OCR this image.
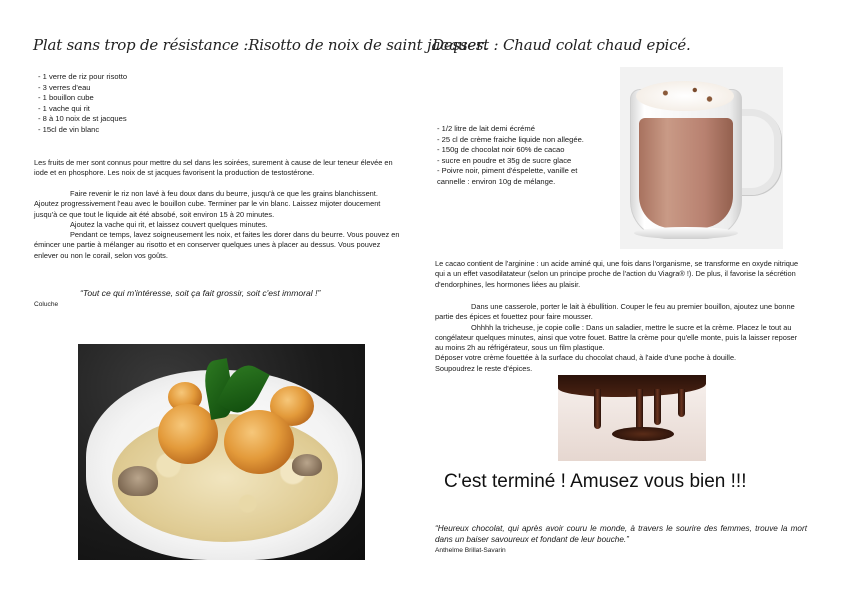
Plat sans trop de résistance :Risotto de noix de saint jacques.
- 1 verre de riz pour risotto
- 3 verres d'eau
- 1 bouillon cube
- 1 vache qui rit
- 8 à 10 noix de st jacques
- 15cl de vin blanc

Les fruits de mer sont connus pour mettre du sel dans les soirées, surement à cause de leur teneur élevée en iode et en phosphore. Les noix de st jacques favorisent la production de testostérone.

Faire revenir le riz non lavé à feu doux dans du beurre, jusqu'à ce que les grains blanchissent. Ajoutez progressivement l'eau avec le bouillon cube. Terminer par le vin blanc. Laissez mijoter doucement jusqu'à ce que tout le liquide ait été absobé, soit environ 15 à 20 minutes.

Ajoutez la vache qui rit, et laissez couvert quelques minutes.

Pendant ce temps, lavez soigneusement les noix, et faites les dorer dans du beurre. Vous pouvez en émincer une partie à mélanger au risotto et en conserver quelques unes à placer au dessus. Vous pouvez enlever ou non le corail, selon vos goûts.

“Tout ce qui m'intéresse, soit ça fait grossir, soit c'est immoral !”
Coluche
Dessert : Chaud colat chaud epicé.
- 1/2 litre de lait demi écrémé
- 25 cl de crème fraiche liquide non allegée.
- 150g de chocolat noir 60% de cacao
- sucre en poudre et 35g de sucre glace
- Poivre noir, piment d'éspelette, vanille et
cannelle : environ 10g de mélange.

Le cacao contient de l'arginine : un acide aminé qui, une fois dans l'organisme, se transforme en oxyde nitrique qui a un effet vasodilatateur (selon un principe proche de l'action du Viagra® !). De plus, il favorise la sécrétion d'endorphines, les hormones liées au plaisir.

Dans une casserole, porter le lait à ébullition. Couper le feu au premier bouillon, ajoutez une bonne partie des épices et fouettez pour faire mousser.

Ohhhh la tricheuse, je copie colle : Dans un saladier, mettre le sucre et la crème. Placez le tout au congélateur quelques minutes, ainsi que votre fouet. Battre la crème pour qu'elle monte, puis la laisser reposer au moins 2h au réfrigérateur, sous un film plastique.

Déposer votre crème fouettée à la surface du chocolat chaud, à l'aide d'une poche à douille.

Soupoudrez le reste d'épices.

C'est terminé ! Amusez vous bien !!!
“Heureux chocolat, qui après avoir couru le monde, à travers le sourire des femmes, trouve la mort dans un baiser savoureux et fondant de leur bouche.”
Anthelme Brillat-Savarin
